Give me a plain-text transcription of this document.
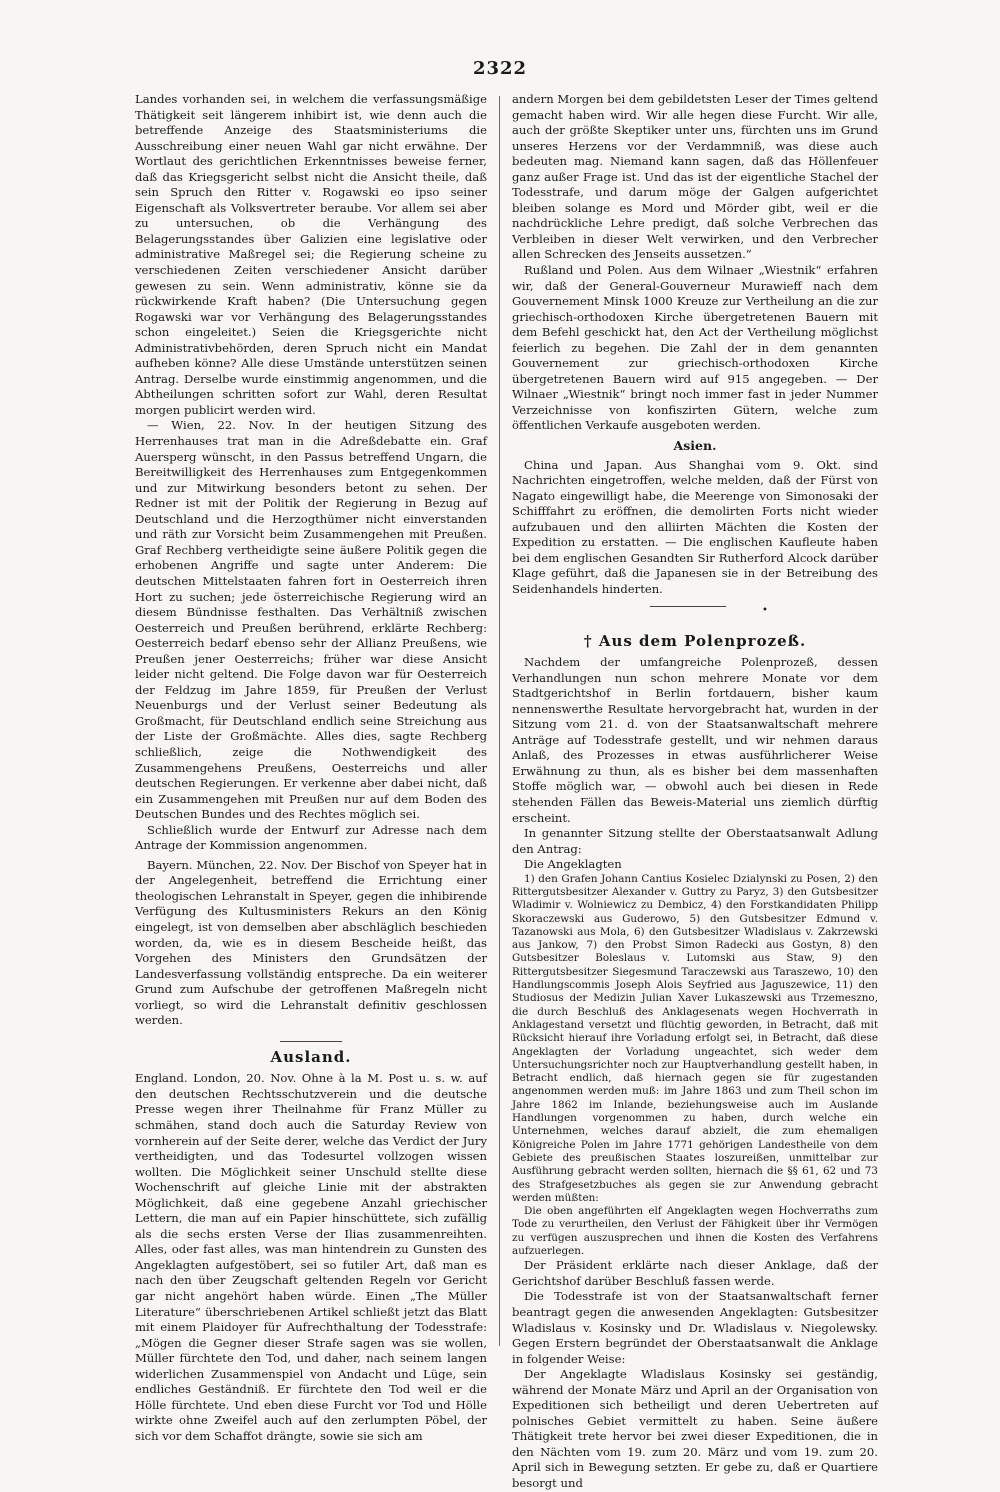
2322

Landes vorhanden sei, in welchem die verfassungsmäßige Thätigkeit seit längerem inhibirt ist, wie denn auch die betreffende Anzeige des Staatsministeriums die Ausschreibung einer neuen Wahl gar nicht erwähne. Der Wortlaut des gerichtlichen Erkenntnisses beweise ferner, daß das Kriegsgericht selbst nicht die Ansicht theile, daß sein Spruch den Ritter v. Rogawski eo ipso seiner Eigenschaft als Volksvertreter beraube. Vor allem sei aber zu untersuchen, ob die Verhängung des Belagerungsstandes über Galizien eine legislative oder administrative Maßregel sei; die Regierung scheine zu verschiedenen Zeiten verschiedener Ansicht darüber gewesen zu sein. Wenn administrativ, könne sie da rückwirkende Kraft haben? (Die Untersuchung gegen Rogawski war vor Verhängung des Belagerungsstandes schon eingeleitet.) Seien die Kriegsgerichte nicht Administrativbehörden, deren Spruch nicht ein Mandat aufheben könne? Alle diese Umstände unterstützen seinen Antrag. Derselbe wurde einstimmig angenommen, und die Abtheilungen schritten sofort zur Wahl, deren Resultat morgen publicirt werden wird.

— Wien, 22. Nov. In der heutigen Sitzung des Herrenhauses trat man in die Adreßdebatte ein. Graf Auersperg wünscht, in den Passus betreffend Ungarn, die Bereitwilligkeit des Herrenhauses zum Entgegenkommen und zur Mitwirkung besonders betont zu sehen. Der Redner ist mit der Politik der Regierung in Bezug auf Deutschland und die Herzogthümer nicht einverstanden und räth zur Vorsicht beim Zusammengehen mit Preußen. Graf Rechberg vertheidigte seine äußere Politik gegen die erhobenen Angriffe und sagte unter Anderem: Die deutschen Mittelstaaten fahren fort in Oesterreich ihren Hort zu suchen; jede österreichische Regierung wird an diesem Bündnisse festhalten. Das Verhältniß zwischen Oesterreich und Preußen berührend, erklärte Rechberg: Oesterreich bedarf ebenso sehr der Allianz Preußens, wie Preußen jener Oesterreichs; früher war diese Ansicht leider nicht geltend. Die Folge davon war für Oesterreich der Feldzug im Jahre 1859, für Preußen der Verlust Neuenburgs und der Verlust seiner Bedeutung als Großmacht, für Deutschland endlich seine Streichung aus der Liste der Großmächte. Alles dies, sagte Rechberg schließlich, zeige die Nothwendigkeit des Zusammengehens Preußens, Oesterreichs und aller deutschen Regierungen. Er verkenne aber dabei nicht, daß ein Zusammengehen mit Preußen nur auf dem Boden des Deutschen Bundes und des Rechtes möglich sei.

Schließlich wurde der Entwurf zur Adresse nach dem Antrage der Kommission angenommen.

Bayern. München, 22. Nov. Der Bischof von Speyer hat in der Angelegenheit, betreffend die Errichtung einer theologischen Lehranstalt in Speyer, gegen die inhibirende Verfügung des Kultusministers Rekurs an den König eingelegt, ist von demselben aber abschläglich beschieden worden, da, wie es in diesem Bescheide heißt, das Vorgehen des Ministers den Grundsätzen der Landesverfassung vollständig entspreche. Da ein weiterer Grund zum Aufschube der getroffenen Maßregeln nicht vorliegt, so wird die Lehranstalt definitiv geschlossen werden.

Ausland.

England. London, 20. Nov. Ohne à la M. Post u. s. w. auf den deutschen Rechtsschutzverein und die deutsche Presse wegen ihrer Theilnahme für Franz Müller zu schmähen, stand doch auch die Saturday Review von vornherein auf der Seite derer, welche das Verdict der Jury vertheidigten, und das Todesurtel vollzogen wissen wollten. Die Möglichkeit seiner Unschuld stellte diese Wochenschrift auf gleiche Linie mit der abstrakten Möglichkeit, daß eine gegebene Anzahl griechischer Lettern, die man auf ein Papier hinschüttete, sich zufällig als die sechs ersten Verse der Ilias zusammenreihten. Alles, oder fast alles, was man hintendrein zu Gunsten des Angeklagten aufgestöbert, sei so futiler Art, daß man es nach den über Zeugschaft geltenden Regeln vor Gericht gar nicht angehört haben würde. Einen „The Müller Literature“ überschriebenen Artikel schließt jetzt das Blatt mit einem Plaidoyer für Aufrechthaltung der Todesstrafe: „Mögen die Gegner dieser Strafe sagen was sie wollen, Müller fürchtete den Tod, und daher, nach seinem langen widerlichen Zusammenspiel von Andacht und Lüge, sein endliches Geständniß. Er fürchtete den Tod weil er die Hölle fürchtete. Und eben diese Furcht vor Tod und Hölle wirkte ohne Zweifel auch auf den zerlumpten Pöbel, der sich vor dem Schaffot drängte, sowie sie sich am

andern Morgen bei dem gebildetsten Leser der Times geltend gemacht haben wird. Wir alle hegen diese Furcht. Wir alle, auch der größte Skeptiker unter uns, fürchten uns im Grund unseres Herzens vor der Verdammniß, was diese auch bedeuten mag. Niemand kann sagen, daß das Höllenfeuer ganz außer Frage ist. Und das ist der eigentliche Stachel der Todesstrafe, und darum möge der Galgen aufgerichtet bleiben solange es Mord und Mörder gibt, weil er die nachdrückliche Lehre predigt, daß solche Verbrechen das Verbleiben in dieser Welt verwirken, und den Verbrecher allen Schrecken des Jenseits aussetzen.“

Rußland und Polen. Aus dem Wilnaer „Wiestnik“ erfahren wir, daß der General-Gouverneur Murawieff nach dem Gouvernement Minsk 1000 Kreuze zur Vertheilung an die zur griechisch-orthodoxen Kirche übergetretenen Bauern mit dem Befehl geschickt hat, den Act der Vertheilung möglichst feierlich zu begehen. Die Zahl der in dem genannten Gouvernement zur griechisch-orthodoxen Kirche übergetretenen Bauern wird auf 915 angegeben. — Der Wilnaer „Wiestnik“ bringt noch immer fast in jeder Nummer Verzeichnisse von konfiszirten Gütern, welche zum öffentlichen Verkaufe ausgeboten werden.

Asien.

China und Japan. Aus Shanghai vom 9. Okt. sind Nachrichten eingetroffen, welche melden, daß der Fürst von Nagato eingewilligt habe, die Meerenge von Simonosaki der Schifffahrt zu eröffnen, die demolirten Forts nicht wieder aufzubauen und den alliirten Mächten die Kosten der Expedition zu erstatten. — Die englischen Kaufleute haben bei dem englischen Gesandten Sir Rutherford Alcock darüber Klage geführt, daß die Japanesen sie in der Betreibung des Seidenhandels hinderten.

•
† Aus dem Polenprozeß.

Nachdem der umfangreiche Polenprozeß, dessen Verhandlungen nun schon mehrere Monate vor dem Stadtgerichtshof in Berlin fortdauern, bisher kaum nennenswerthe Resultate hervorgebracht hat, wurden in der Sitzung vom 21. d. von der Staatsanwaltschaft mehrere Anträge auf Todesstrafe gestellt, und wir nehmen daraus Anlaß, des Prozesses in etwas ausführlicherer Weise Erwähnung zu thun, als es bisher bei dem massenhaften Stoffe möglich war, — obwohl auch bei diesen in Rede stehenden Fällen das Beweis-Material uns ziemlich dürftig erscheint.

In genannter Sitzung stellte der Oberstaatsanwalt Adlung den Antrag:

Die Angeklagten

1) den Grafen Johann Cantius Kosielec Dzialynski zu Posen, 2) den Rittergutsbesitzer Alexander v. Guttry zu Paryz, 3) den Gutsbesitzer Wladimir v. Wolniewicz zu Dembicz, 4) den Forstkandidaten Philipp Skoraczewski aus Guderowo, 5) den Gutsbesitzer Edmund v. Tazanowski aus Mola, 6) den Gutsbesitzer Wladislaus v. Zakrzewski aus Jankow, 7) den Probst Simon Radecki aus Gostyn, 8) den Gutsbesitzer Boleslaus v. Lutomski aus Staw, 9) den Rittergutsbesitzer Siegesmund Taraczewski aus Taraszewo, 10) den Handlungscommis Joseph Alois Seyfried aus Jaguszewice, 11) den Studiosus der Medizin Julian Xaver Lukaszewski aus Trzemeszno, die durch Beschluß des Anklagesenats wegen Hochverrath in Anklagestand versetzt und flüchtig geworden, in Betracht, daß mit Rücksicht hierauf ihre Vorladung erfolgt sei, in Betracht, daß diese Angeklagten der Vorladung ungeachtet, sich weder dem Untersuchungsrichter noch zur Hauptverhandlung gestellt haben, in Betracht endlich, daß hiernach gegen sie für zugestanden angenommen werden muß: im Jahre 1863 und zum Theil schon im Jahre 1862 im Inlande, beziehungsweise auch im Auslande Handlungen vorgenommen zu haben, durch welche ein Unternehmen, welches darauf abzielt, die zum ehemaligen Königreiche Polen im Jahre 1771 gehörigen Landestheile von dem Gebiete des preußischen Staates loszureißen, unmittelbar zur Ausführung gebracht werden sollten, hiernach die §§ 61, 62 und 73 des Strafgesetzbuches als gegen sie zur Anwendung gebracht werden müßten:

Die oben angeführten elf Angeklagten wegen Hochverraths zum Tode zu verurtheilen, den Verlust der Fähigkeit über ihr Vermögen zu verfügen auszusprechen und ihnen die Kosten des Verfahrens aufzuerlegen.

Der Präsident erklärte nach dieser Anklage, daß der Gerichtshof darüber Beschluß fassen werde.

Die Todesstrafe ist von der Staatsanwaltschaft ferner beantragt gegen die anwesenden Angeklagten: Gutsbesitzer Wladislaus v. Kosinsky und Dr. Wladislaus v. Niegolewsky. Gegen Erstern begründet der Oberstaatsanwalt die Anklage in folgender Weise:

Der Angeklagte Wladislaus Kosinsky sei geständig, während der Monate März und April an der Organisation von Expeditionen sich betheiligt und deren Uebertreten auf polnisches Gebiet vermittelt zu haben. Seine äußere Thätigkeit trete hervor bei zwei dieser Expeditionen, die in den Nächten vom 19. zum 20. März und vom 19. zum 20. April sich in Bewegung setzten. Er gebe zu, daß er Quartiere besorgt und
